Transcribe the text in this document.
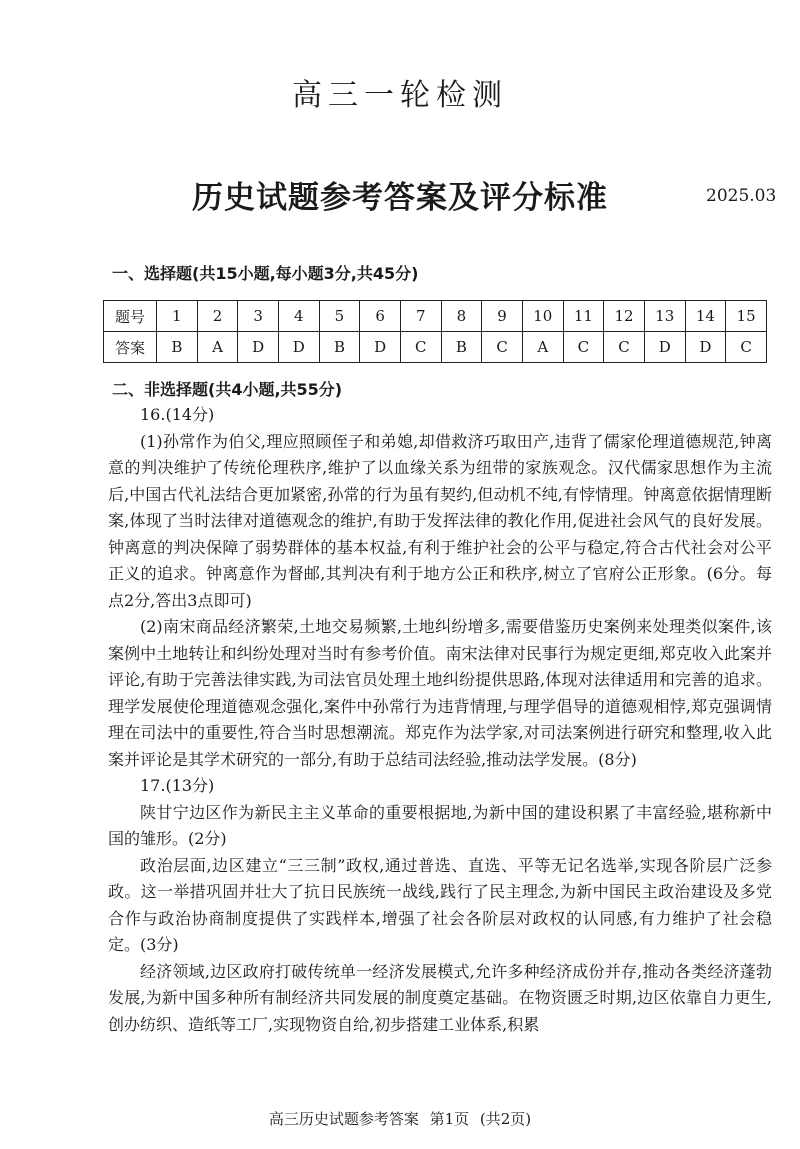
高三一轮检测
历史试题参考答案及评分标准	2025.03
一、选择题(共15小题,每小题3分,共45分)
题号	1	2	3	4	5	6	7	8	9	10	11	12	13	14	15
答案	B	A	D	D	B	D	C	B	C	A	C	C	D	D	C
二、非选择题(共4小题,共55分)

16.(14分)

(1)孙常作为伯父,理应照顾侄子和弟媳,却借救济巧取田产,违背了儒家伦理道德规范,钟离意的判决维护了传统伦理秩序,维护了以血缘关系为纽带的家族观念。汉代儒家思想作为主流后,中国古代礼法结合更加紧密,孙常的行为虽有契约,但动机不纯,有悖情理。钟离意依据情理断案,体现了当时法律对道德观念的维护,有助于发挥法律的教化作用,促进社会风气的良好发展。钟离意的判决保障了弱势群体的基本权益,有利于维护社会的公平与稳定,符合古代社会对公平正义的追求。钟离意作为督邮,其判决有利于地方公正和秩序,树立了官府公正形象。(6分。每点2分,答出3点即可)

(2)南宋商品经济繁荣,土地交易频繁,土地纠纷增多,需要借鉴历史案例来处理类似案件,该案例中土地转让和纠纷处理对当时有参考价值。南宋法律对民事行为规定更细,郑克收入此案并评论,有助于完善法律实践,为司法官员处理土地纠纷提供思路,体现对法律适用和完善的追求。理学发展使伦理道德观念强化,案件中孙常行为违背情理,与理学倡导的道德观相悖,郑克强调情理在司法中的重要性,符合当时思想潮流。郑克作为法学家,对司法案例进行研究和整理,收入此案并评论是其学术研究的一部分,有助于总结司法经验,推动法学发展。(8分)

17.(13分)

陕甘宁边区作为新民主主义革命的重要根据地,为新中国的建设积累了丰富经验,堪称新中国的雏形。(2分)

政治层面,边区建立“三三制”政权,通过普选、直选、平等无记名选举,实现各阶层广泛参政。这一举措巩固并壮大了抗日民族统一战线,践行了民主理念,为新中国民主政治建设及多党合作与政治协商制度提供了实践样本,增强了社会各阶层对政权的认同感,有力维护了社会稳定。(3分)

经济领域,边区政府打破传统单一经济发展模式,允许多种经济成份并存,推动各类经济蓬勃发展,为新中国多种所有制经济共同发展的制度奠定基础。在物资匮乏时期,边区依靠自力更生,创办纺织、造纸等工厂,实现物资自给,初步搭建工业体系,积累

高三历史试题参考答案 第1页 (共2页)
